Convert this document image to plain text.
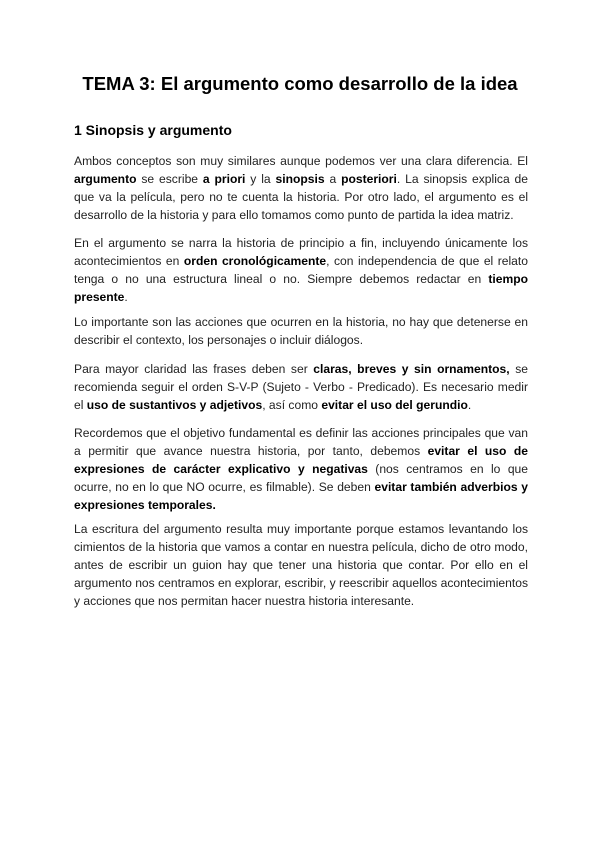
TEMA 3: El argumento como desarrollo de la idea
1 Sinopsis y argumento

Ambos conceptos son muy similares aunque podemos ver una clara diferencia. El argumento se escribe a priori y la sinopsis a posteriori. La sinopsis explica de que va la película, pero no te cuenta la historia. Por otro lado, el argumento es el desarrollo de la historia y para ello tomamos como punto de partida la idea matriz.

En el argumento se narra la historia de principio a fin, incluyendo únicamente los acontecimientos en orden cronológicamente, con independencia de que el relato tenga o no una estructura lineal o no. Siempre debemos redactar en tiempo presente.

Lo importante son las acciones que ocurren en la historia, no hay que detenerse en describir el contexto, los personajes o incluir diálogos.

Para mayor claridad las frases deben ser claras, breves y sin ornamentos, se recomienda seguir el orden S-V-P (Sujeto - Verbo - Predicado). Es necesario medir el uso de sustantivos y adjetivos, así como evitar el uso del gerundio.

Recordemos que el objetivo fundamental es definir las acciones principales que van a permitir que avance nuestra historia, por tanto, debemos evitar el uso de expresiones de carácter explicativo y negativas (nos centramos en lo que ocurre, no en lo que NO ocurre, es filmable). Se deben evitar también adverbios y expresiones temporales.

La escritura del argumento resulta muy importante porque estamos levantando los cimientos de la historia que vamos a contar en nuestra película, dicho de otro modo, antes de escribir un guion hay que tener una historia que contar. Por ello en el argumento nos centramos en explorar, escribir, y reescribir aquellos acontecimientos y acciones que nos permitan hacer nuestra historia interesante.
